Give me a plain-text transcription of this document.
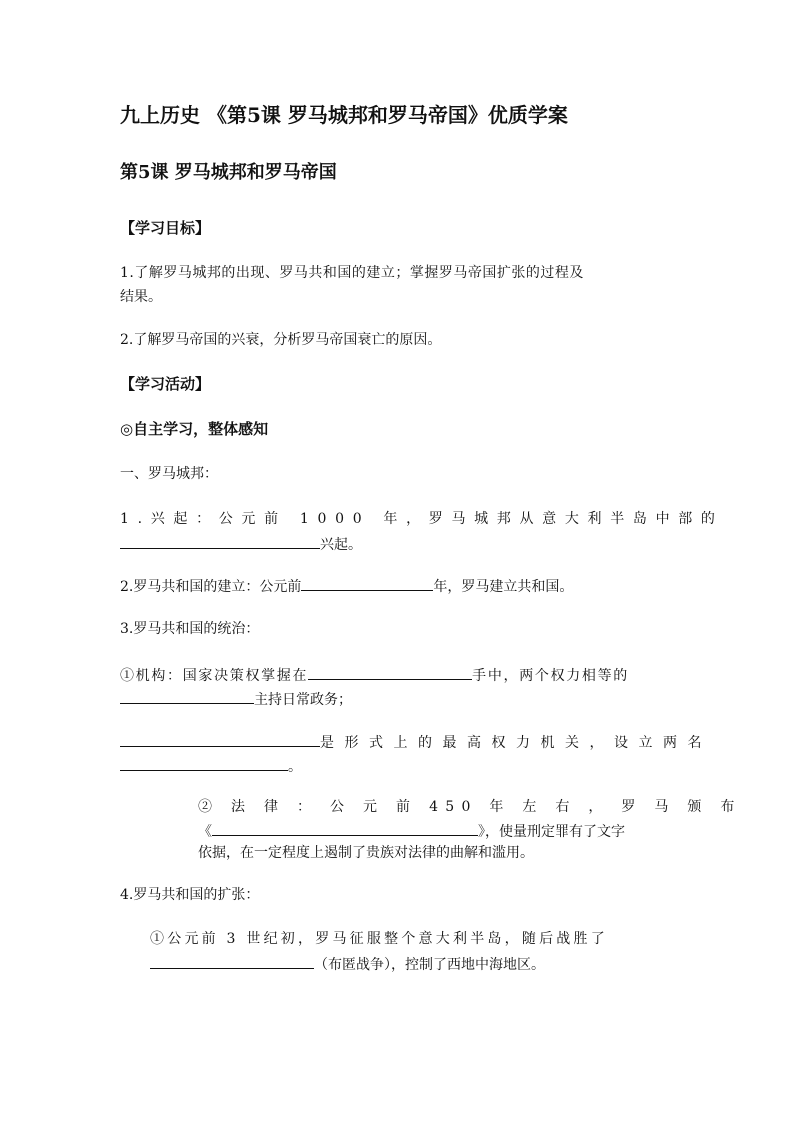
九上历史 《第5课 罗马城邦和罗马帝国》优质学案
第5课 罗马城邦和罗马帝国
【学习目标】
1.了解罗马城邦的出现、罗马共和国的建立；掌握罗马帝国扩张的过程及
结果。
2.了解罗马帝国的兴衰，分析罗马帝国衰亡的原因。
【学习活动】
◎自主学习，整体感知
一、罗马城邦：
1.兴起：公元前 1000 年，罗马城邦从意大利半岛中部的
兴起。
2.罗马共和国的建立：公元前	年，罗马建立共和国。
3.罗马共和国的统治：
①机构：国家决策权掌握在	手中，两个权力相等的
主持日常政务；
是形式上的最高权力机关，设立两名
。
② 法 律 ： 公 元 前 450 年 左 右 ， 罗 马 颁 布
《	》，使量刑定罪有了文字
依据，在一定程度上遏制了贵族对法律的曲解和滥用。
4.罗马共和国的扩张：
①公元前 3 世纪初，罗马征服整个意大利半岛，随后战胜了
（布匿战争），控制了西地中海地区。
